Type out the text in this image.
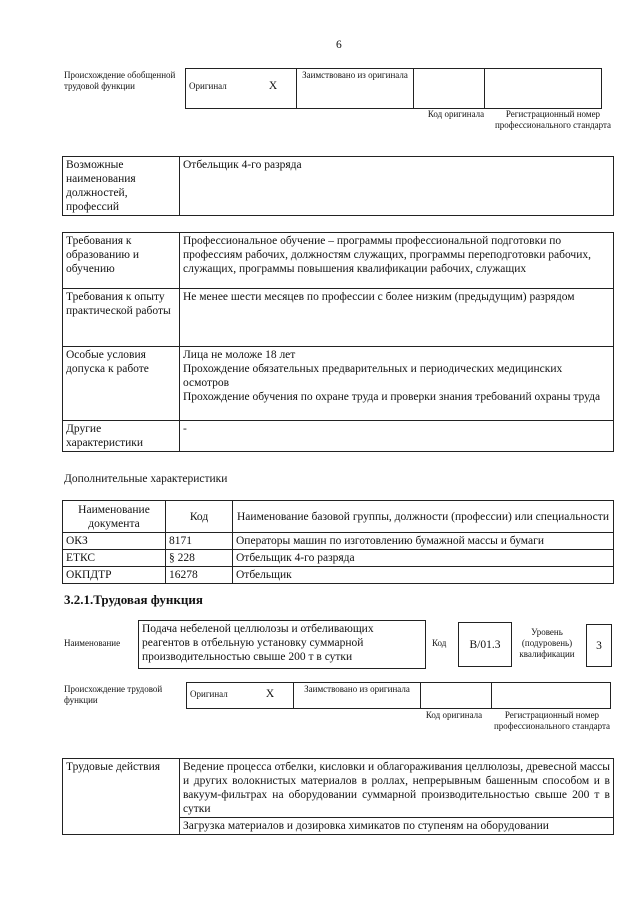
6
Происхождение обобщенной трудовой функции	Оригинал	X	Заимствовано из оригинала		
Код оригинала	Регистрационный номер профессионального стандарта
Возможные наименования должностей, профессий	Отбельщик 4-го разряда
Требования к образованию и обучению	Профессиональное обучение – программы профессиональной подготовки по профессиям рабочих, должностям служащих, программы переподготовки рабочих, служащих, программы повышения квалификации рабочих, служащих
Требования к опыту практической работы	Не менее шести месяцев по профессии с более низким (предыдущим) разрядом
Особые условия допуска к работе	Лица не моложе 18 лет
Прохождение обязательных предварительных и периодических медицинских осмотров
Прохождение обучения по охране труда и проверки знания требований охраны труда

Другие характеристики	-
Дополнительные характеристики
Наименование документа	Код	Наименование базовой группы, должности (профессии) или специальности
ОКЗ	8171	Операторы машин по изготовлению бумажной массы и бумаги
ЕТКС	§ 228	Отбельщик 4-го разряда
ОКПДТР	16278	Отбельщик
3.2.1.Трудовая функция
Наименование
Подача небеленой целлюлозы и отбеливающих реагентов в отбельную установку суммарной производительностью свыше 200 т в сутки
Код B/01.3
Уровень (подуровень) квалификации
3
Происхождение трудовой функции
Оригинал	X	Заимствовано из оригинала		
Код оригинала	Регистрационный номер профессионального стандарта
Трудовые действия	Ведение процесса отбелки, кисловки и облагораживания целлюлозы, древесной массы и других волокнистых материалов в роллах, непрерывным башенным способом и в вакуум-фильтрах на оборудовании суммарной производительностью свыше 200 т в сутки
Загрузка материалов и дозировка химикатов по ступеням на оборудовании
